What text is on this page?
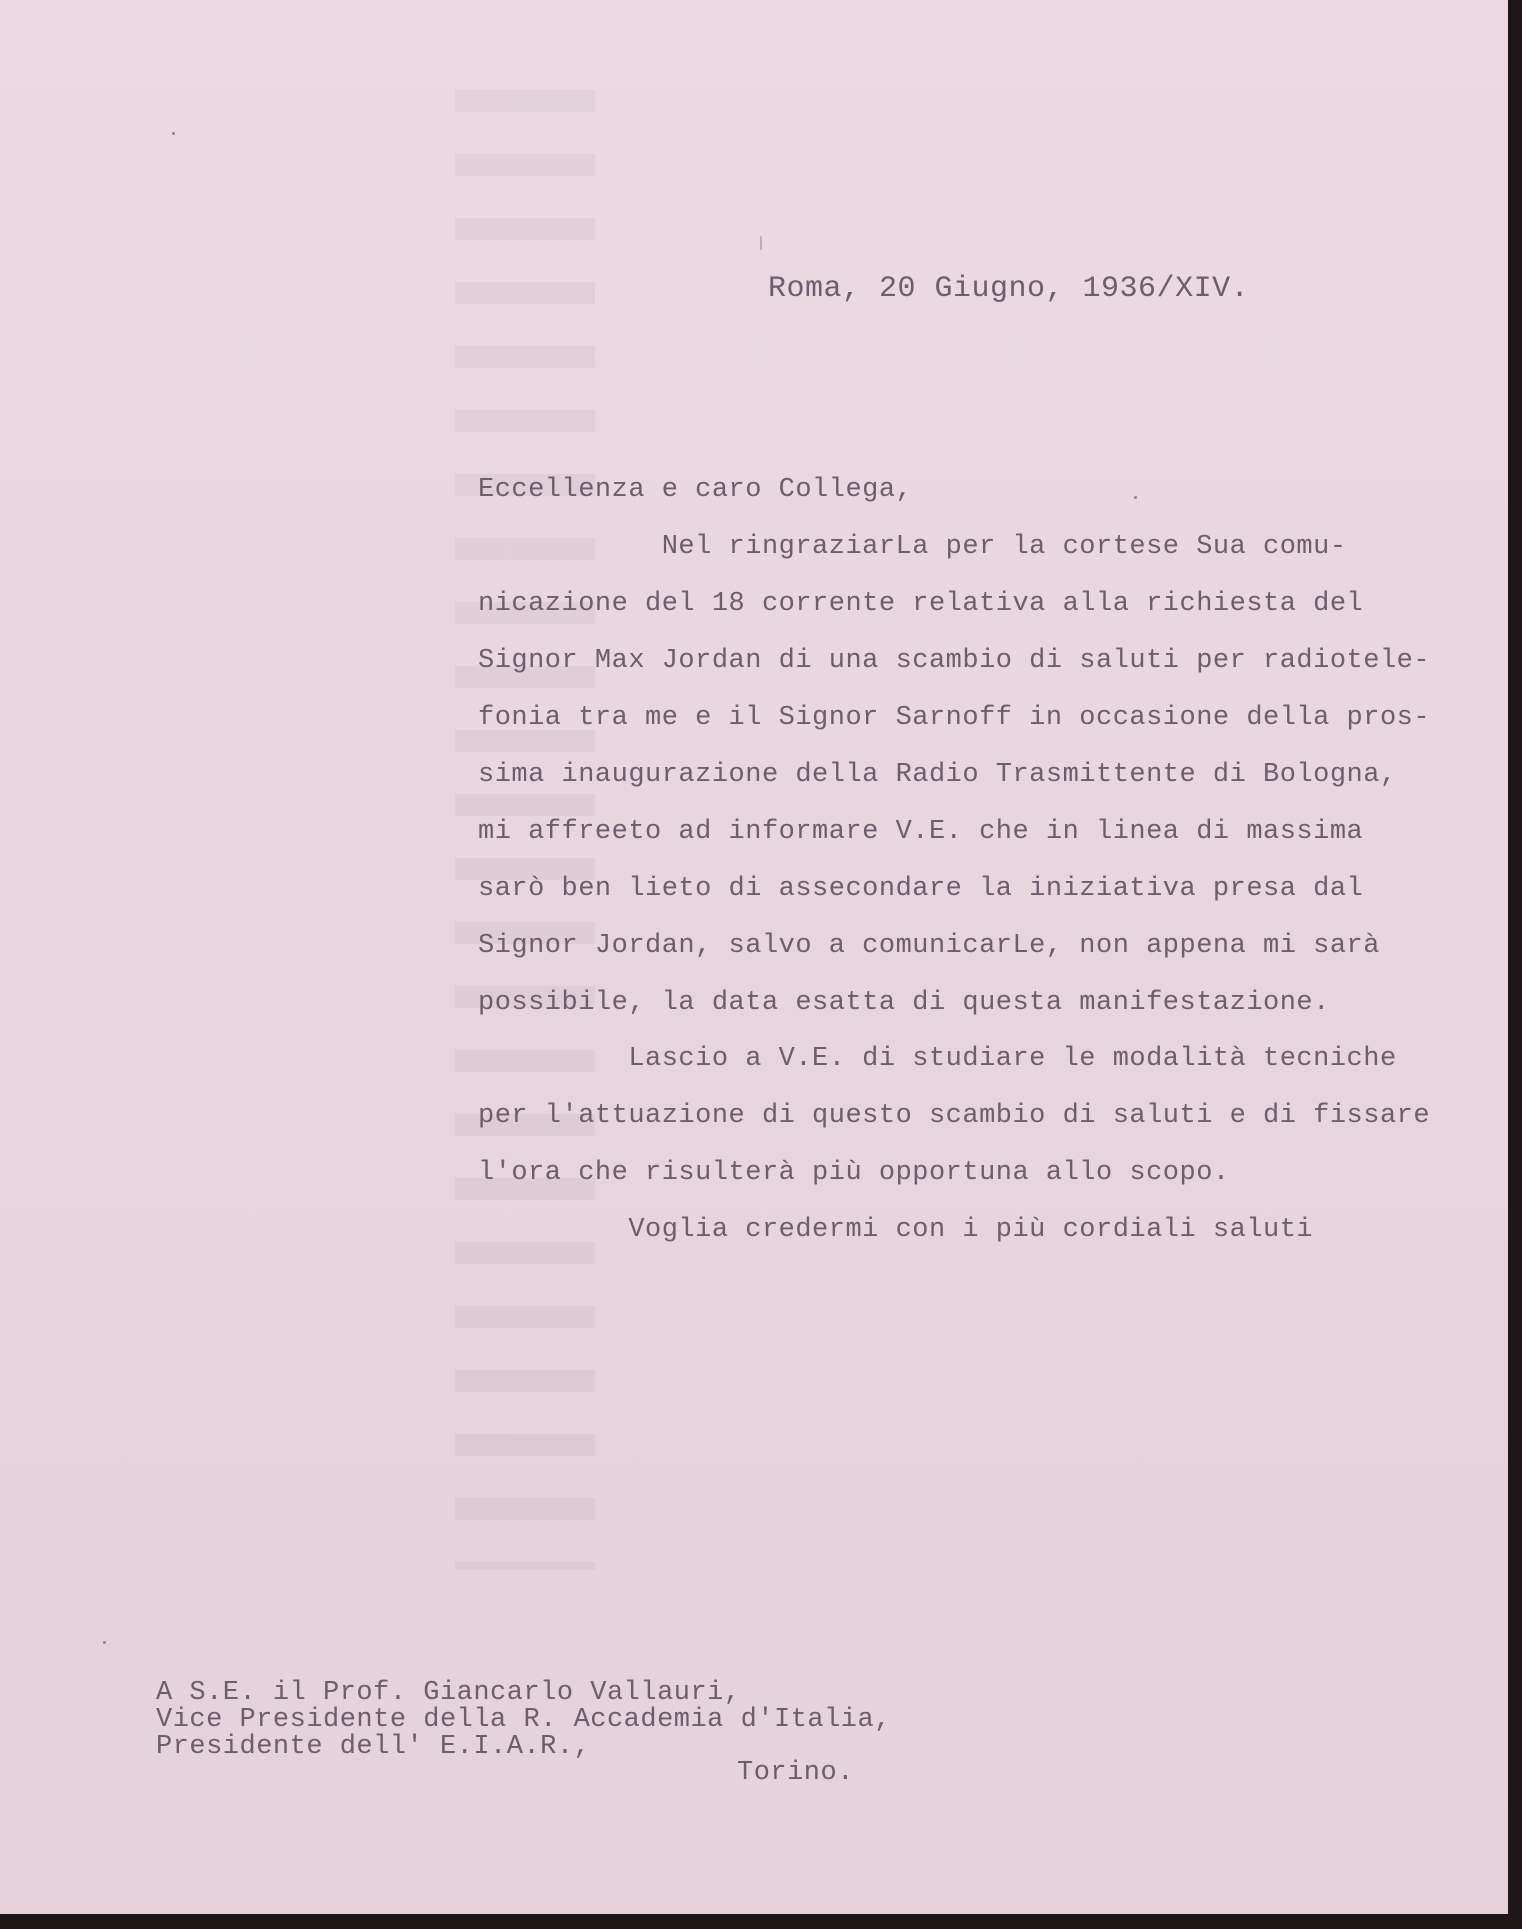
Roma, 20 Giugno, 1936/XIV.
Eccellenza e caro Collega,
Nel ringraziarLa per la cortese Sua comu-
nicazione del 18 corrente relativa alla richiesta del
Signor Max Jordan di una scambio di saluti per radiotele-
fonia tra me e il Signor Sarnoff in occasione della pros-
sima inaugurazione della Radio Trasmittente di Bologna,
mi affreeto ad informare V.E. che in linea di massima
sarò ben lieto di assecondare la iniziativa presa dal
Signor Jordan, salvo a comunicarLe, non appena mi sarà
possibile, la data esatta di questa manifestazione.
Lascio a V.E. di studiare le modalità tecniche
per l'attuazione di questo scambio di saluti e di fissare
l'ora che risulterà più opportuna allo scopo.
Voglia credermi con i più cordiali saluti
A S.E. il Prof. Giancarlo Vallauri,
Vice Presidente della R. Accademia d'Italia,
Presidente dell' E.I.A.R.,
Torino.
